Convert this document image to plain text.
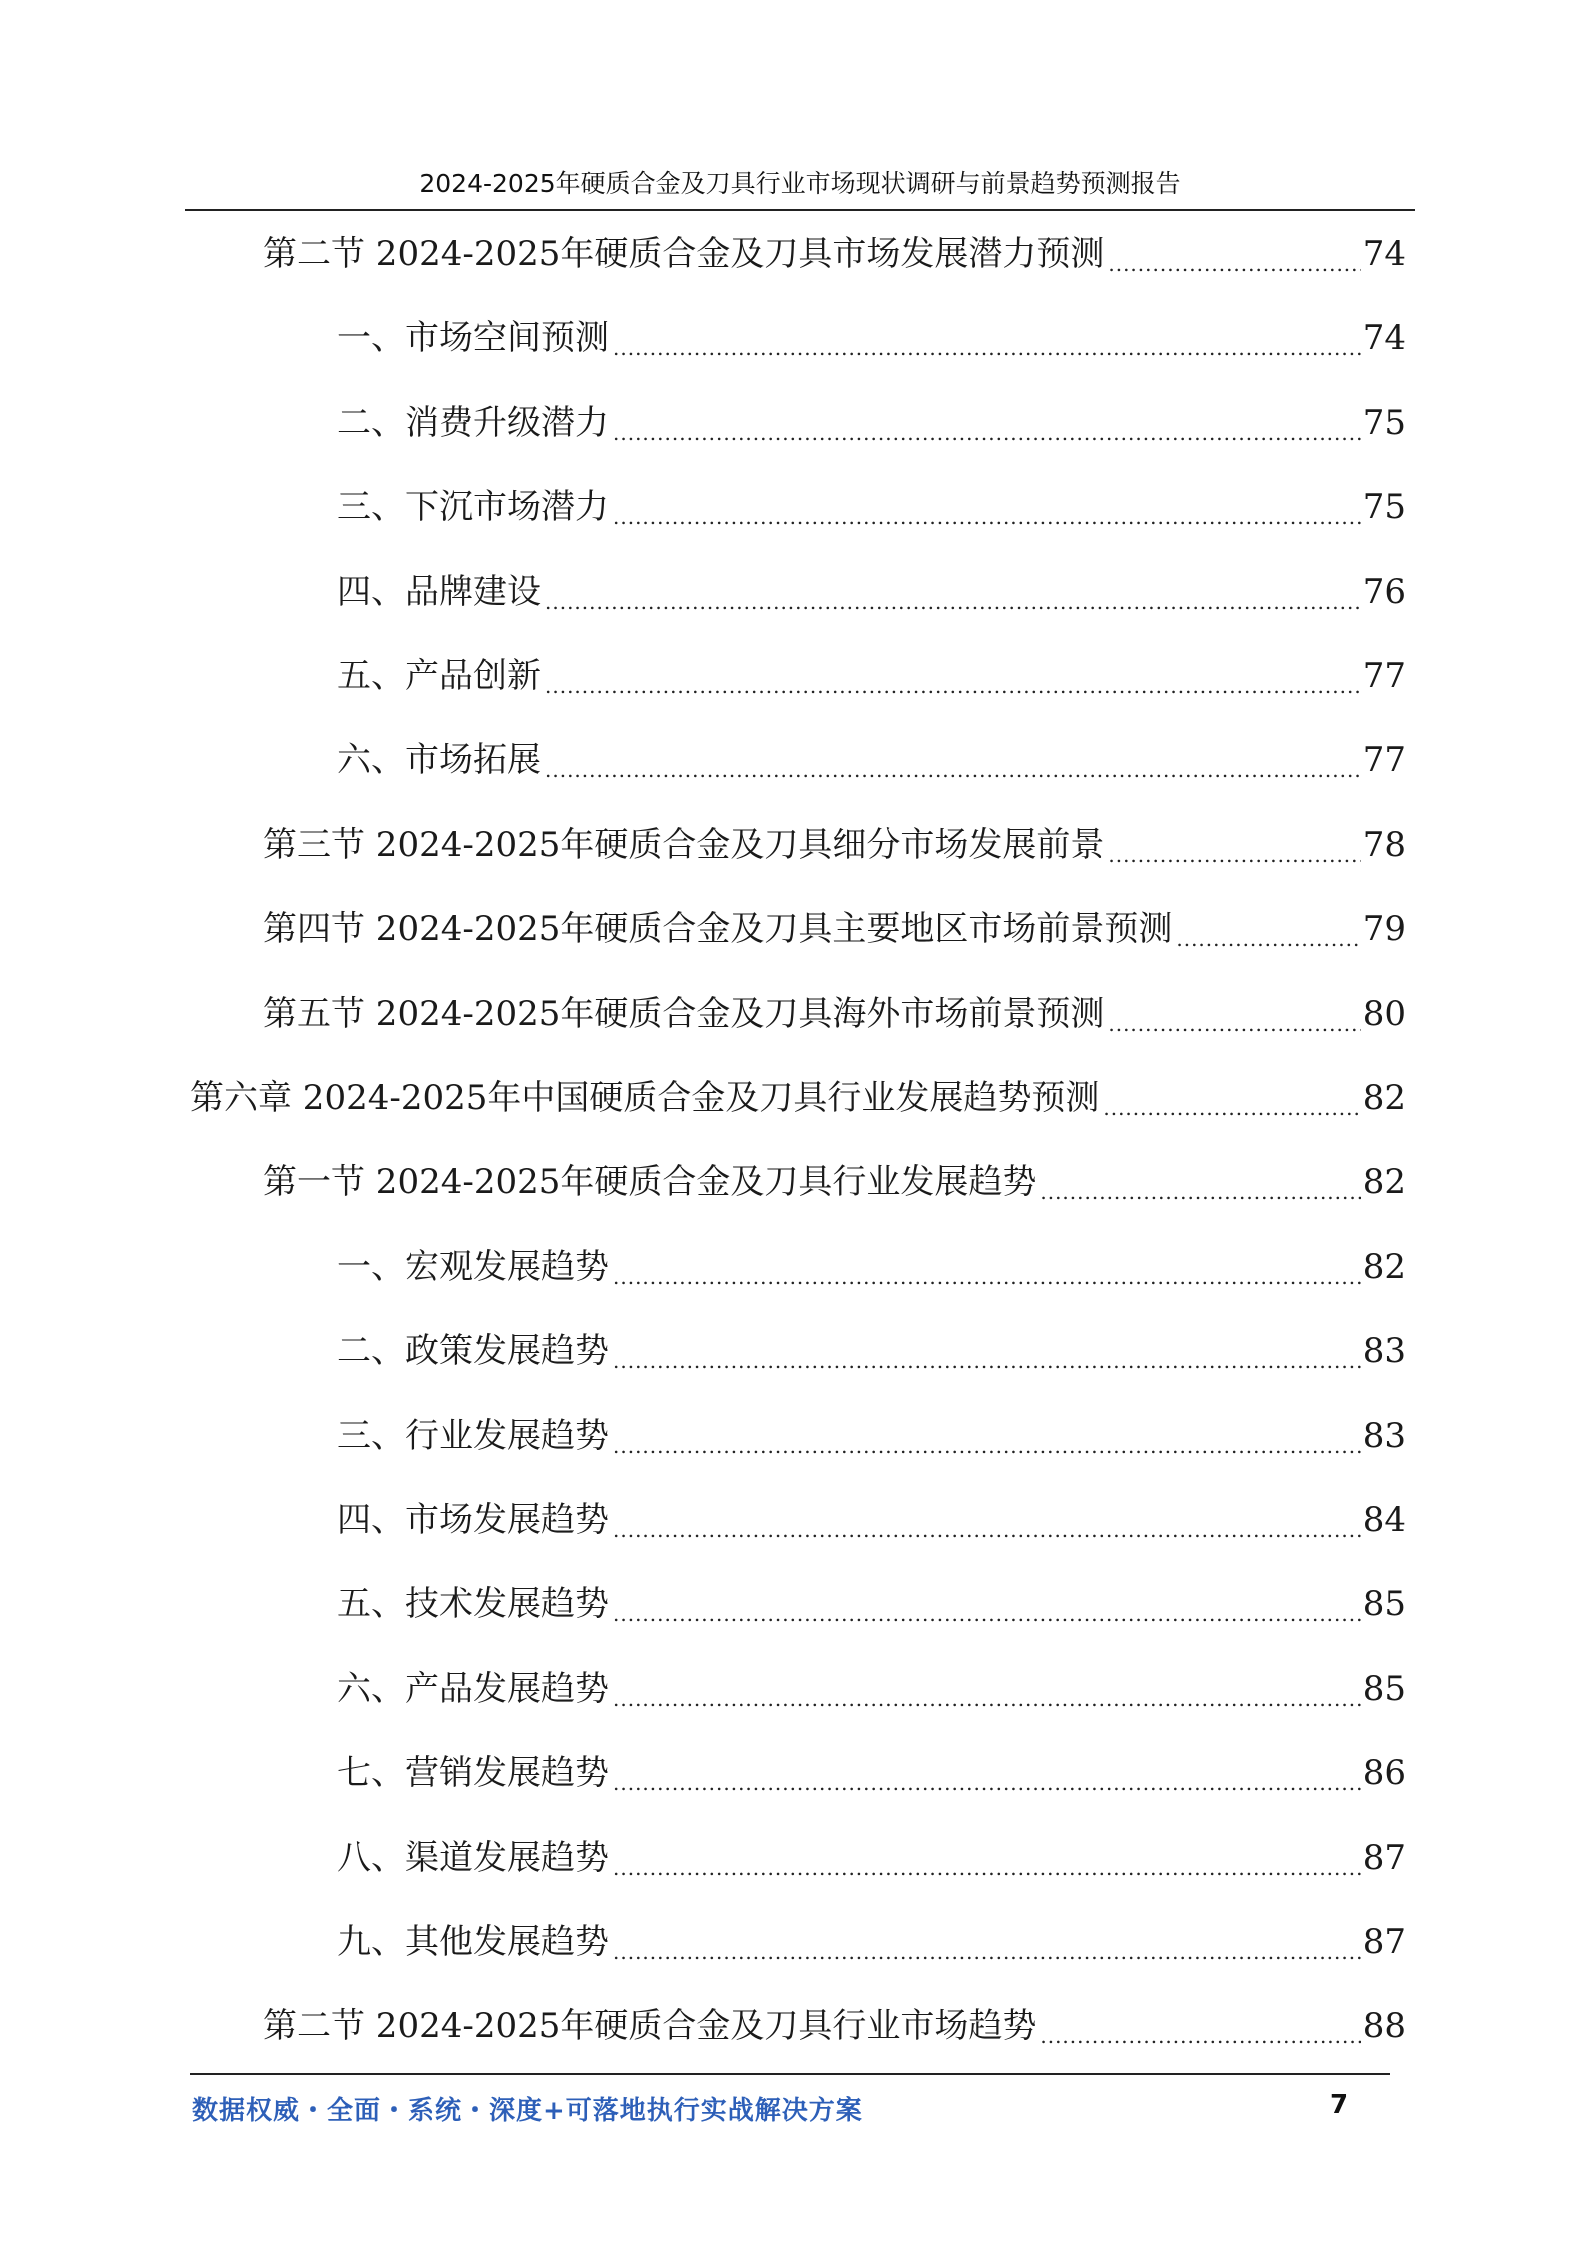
2024-2025年硬质合金及刀具行业市场现状调研与前景趋势预测报告
第二节 2024-2025年硬质合金及刀具市场发展潜力预测 .....	74
一、市场空间预测 .....	74
二、消费升级潜力 .....	75
三、下沉市场潜力 .....	75
四、品牌建设 .....	76
五、产品创新 .....	77
六、市场拓展 .....	77
第三节 2024-2025年硬质合金及刀具细分市场发展前景 .....	78
第四节 2024-2025年硬质合金及刀具主要地区市场前景预测 .....	79
第五节 2024-2025年硬质合金及刀具海外市场前景预测 .....	80
第六章 2024-2025年中国硬质合金及刀具行业发展趋势预测 .....	82
第一节 2024-2025年硬质合金及刀具行业发展趋势 .....	82
一、宏观发展趋势 .....	82
二、政策发展趋势 .....	83
三、行业发展趋势 .....	83
四、市场发展趋势 .....	84
五、技术发展趋势 .....	85
六、产品发展趋势 .....	85
七、营销发展趋势 .....	86
八、渠道发展趋势 .....	87
九、其他发展趋势 .....	87
第二节 2024-2025年硬质合金及刀具行业市场趋势 .....	88
数据权威・全面・系统・深度+可落地执行实战解决方案	7
